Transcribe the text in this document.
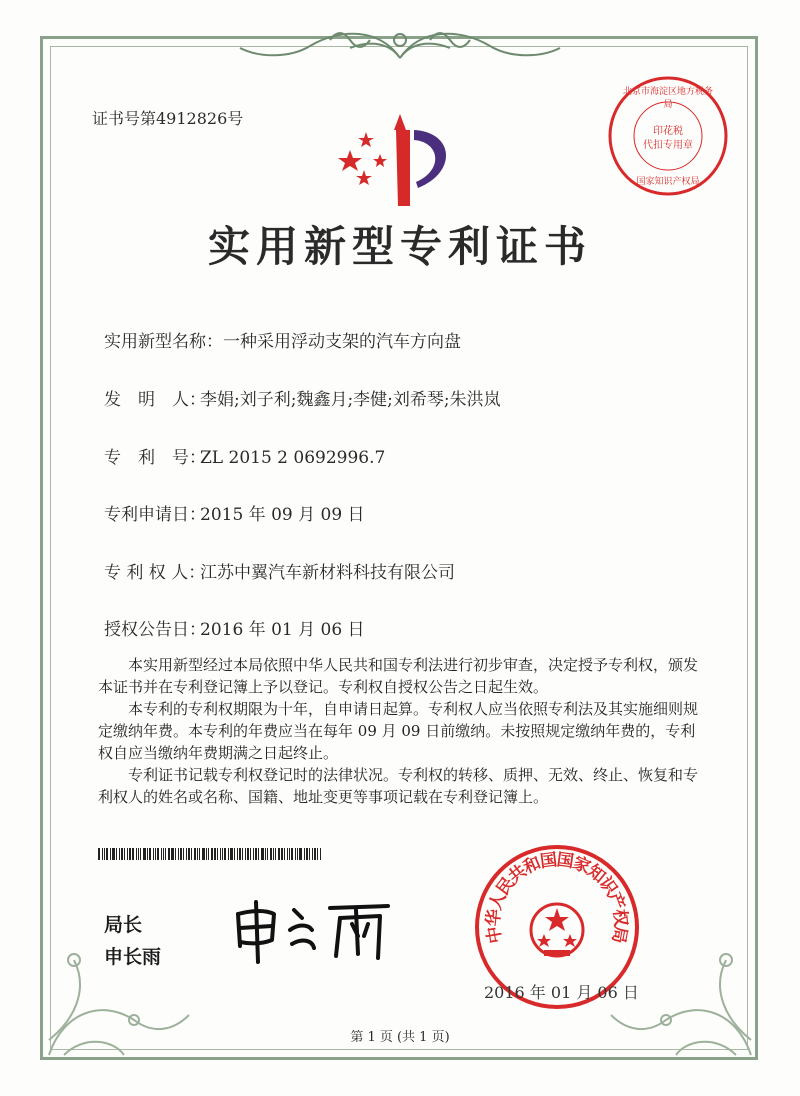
证书号第4912826号
北京市海淀区地方税务局
印花税
代扣专用章
国家知识产权局
实用新型专利证书
实用新型名称：一种采用浮动支架的汽车方向盘
发　明　人：李娟;刘子利;魏鑫月;李健;刘希琴;朱洪岚
专　利　号：ZL 2015 2 0692996.7
专利申请日：2015 年 09 月 09 日
专 利 权 人：江苏中翼汽车新材料科技有限公司
授权公告日：2016 年 01 月 06 日

本实用新型经过本局依照中华人民共和国专利法进行初步审查，决定授予专利权，颁发本证书并在专利登记簿上予以登记。专利权自授权公告之日起生效。

本专利的专利权期限为十年，自申请日起算。专利权人应当依照专利法及其实施细则规定缴纳年费。本专利的年费应当在每年 09 月 09 日前缴纳。未按照规定缴纳年费的，专利权自应当缴纳年费期满之日起终止。

专利证书记载专利权登记时的法律状况。专利权的转移、质押、无效、终止、恢复和专利权人的姓名或名称、国籍、地址变更等事项记载在专利登记簿上。

局长
申长雨
中华人民共和国国家知识产权局
2016 年 01 月 06 日
第 1 页 (共 1 页)
